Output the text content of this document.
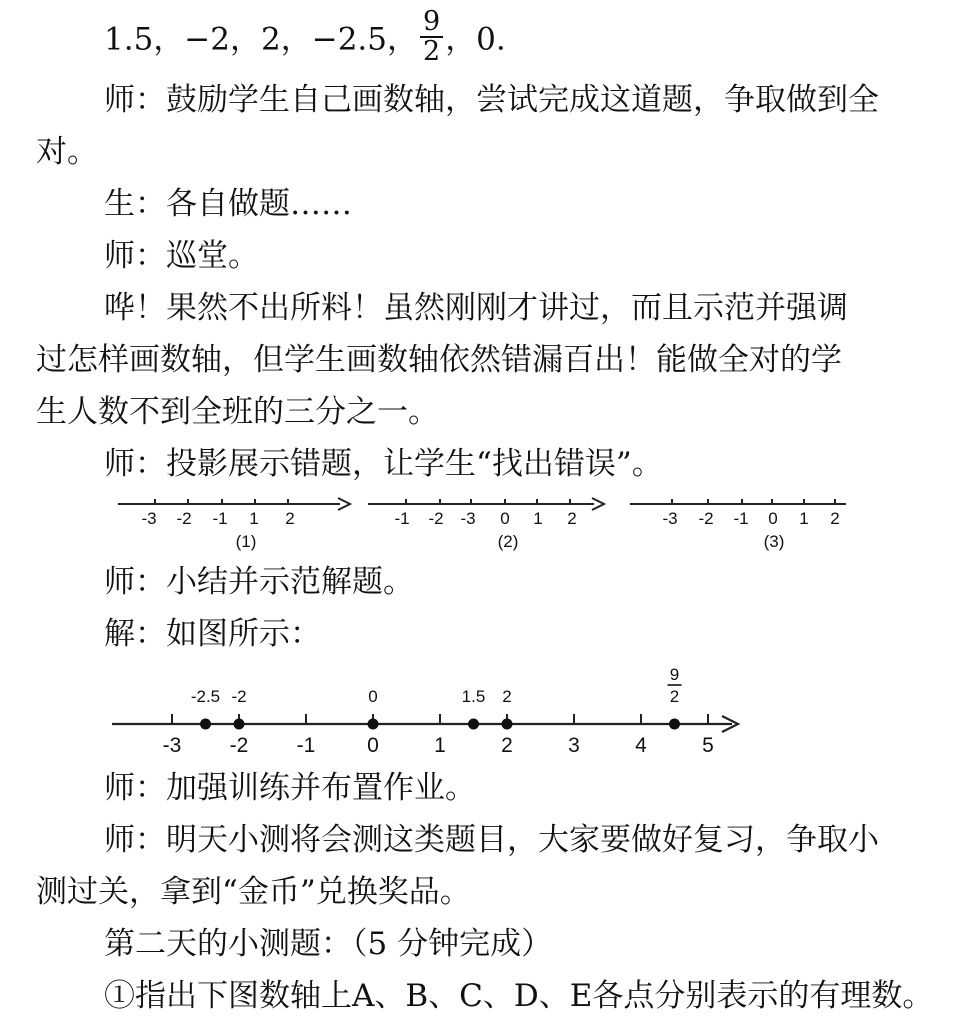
1.5，−2，2，−2.5， $\frac{9}{2}$ ，0.
师：鼓励学生自己画数轴，尝试完成这道题，争取做到全
对。
生：各自做题……
师：巡堂。
哗！果然不出所料！虽然刚刚才讲过，而且示范并强调
过怎样画数轴，但学生画数轴依然错漏百出！能做全对的学
生人数不到全班的三分之一。
师：投影展示错题，让学生“找出错误”。
-3 -2 -1 1 2
(1)
-1 -2 -3 0 1 2
(2)
-3 -2 -1 0 1 2
(3)
师：小结并示范解题。
解：如图所示：
-3 -2 -1 0	1	2	3	4	5
-2.5 -2	0	1.5 2
9
2
师：加强训练并布置作业。
师：明天小测将会测这类题目，大家要做好复习，争取小
测过关，拿到“金币”兑换奖品。
第二天的小测题：（5 分钟完成）
①指出下图数轴上A、B、C、D、E各点分别表示的有理数。
